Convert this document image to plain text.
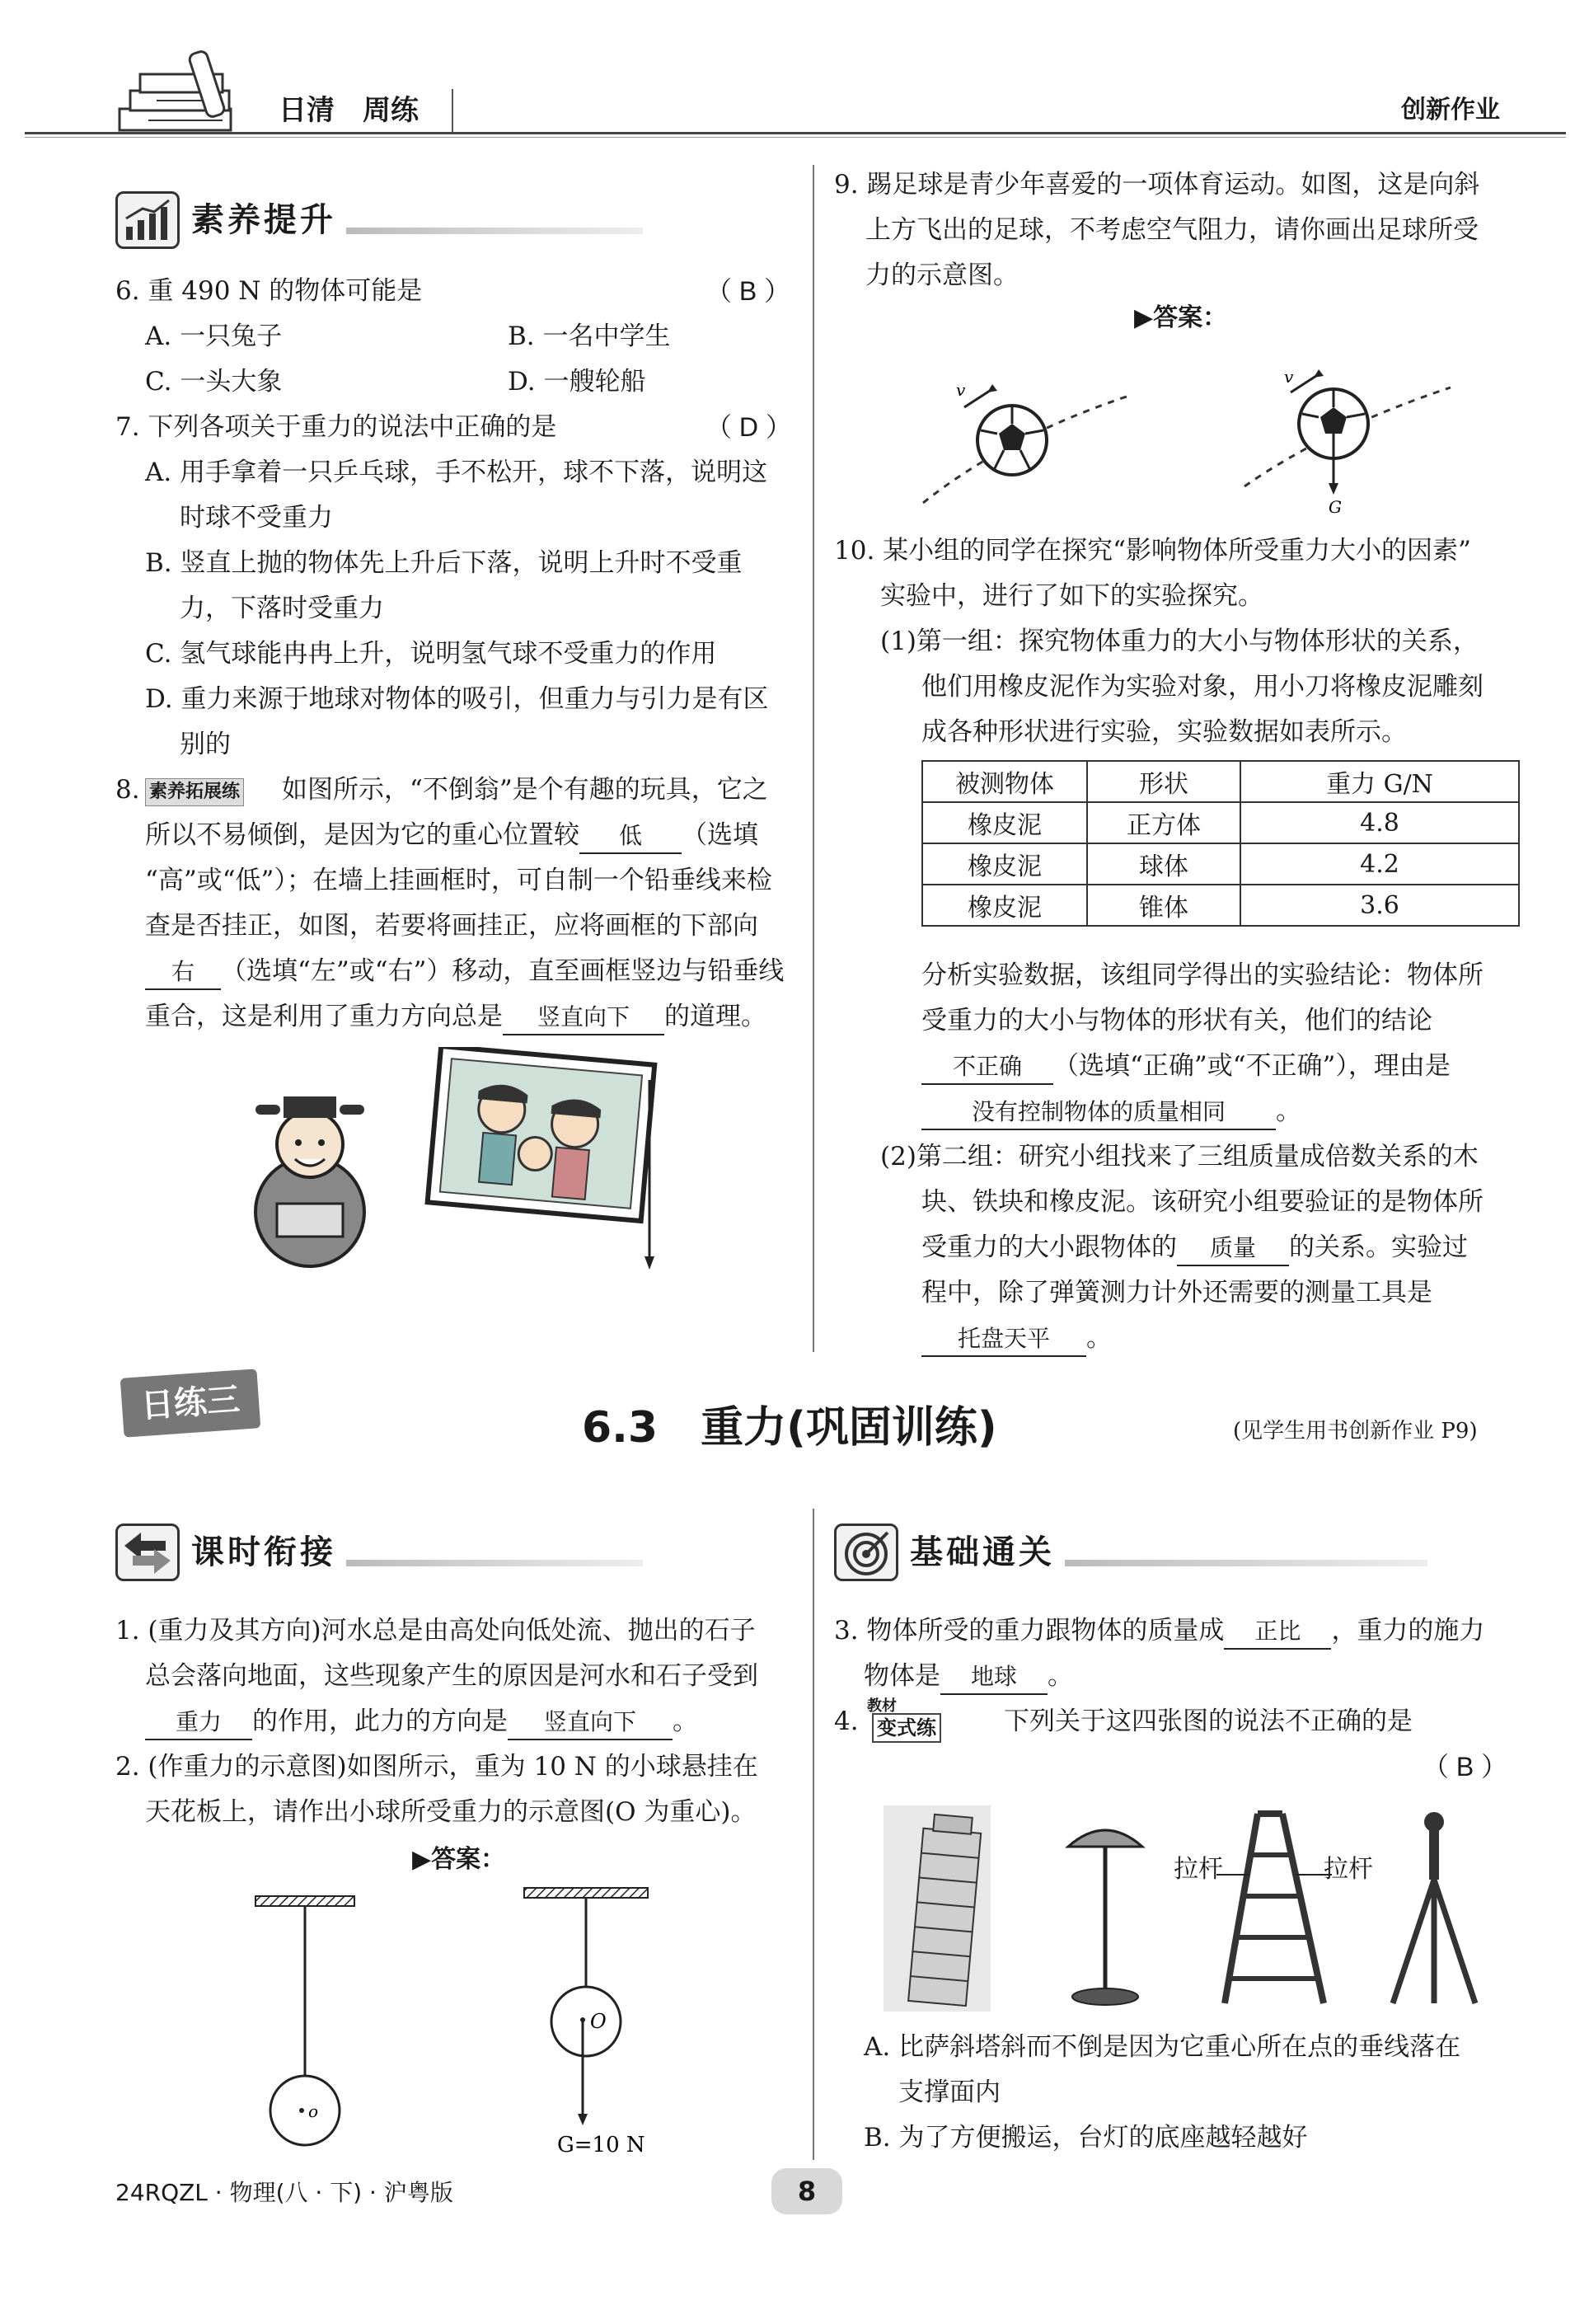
日清　周练	创新作业
素养提升
6. 重 490 N 的物体可能是	（ B ）
A. 一只兔子	B. 一名中学生
C. 一头大象	D. 一艘轮船
7. 下列各项关于重力的说法中正确的是	（ D ）
A. 用手拿着一只乒乓球，手不松开，球不下落，说明这
时球不受重力
B. 竖直上抛的物体先上升后下落，说明上升时不受重
力，下落时受重力
C. 氢气球能冉冉上升，说明氢气球不受重力的作用
D. 重力来源于地球对物体的吸引，但重力与引力是有区
别的
8. 素养拓展练 如图所示，“不倒翁”是个有趣的玩具，它之
所以不易倾倒，是因为它的重心位置较 低 （选填
“高”或“低”）；在墙上挂画框时，可自制一个铅垂线来检
查是否挂正，如图，若要将画挂正，应将画框的下部向
右 （选填“左”或“右”）移动，直至画框竖边与铅垂线
重合，这是利用了重力方向总是 竖直向下 的道理。
9. 踢足球是青少年喜爱的一项体育运动。如图，这是向斜
上方飞出的足球，不考虑空气阻力，请你画出足球所受
力的示意图。
▶答案：
v
v
G
10. 某小组的同学在探究“影响物体所受重力大小的因素”
实验中，进行了如下的实验探究。
(1)第一组：探究物体重力的大小与物体形状的关系，
他们用橡皮泥作为实验对象，用小刀将橡皮泥雕刻
成各种形状进行实验，实验数据如表所示。
被测物体	形状	重力 G/N
橡皮泥	正方体	4.8
橡皮泥	球体	4.2
橡皮泥	锥体	3.6
分析实验数据，该组同学得出的实验结论：物体所
受重力的大小与物体的形状有关，他们的结论
不正确 （选填“正确”或“不正确”），理由是
没有控制物体的质量相同 。
(2)第二组：研究小组找来了三组质量成倍数关系的木
块、铁块和橡皮泥。该研究小组要验证的是物体所
受重力的大小跟物体的 质量 的关系。实验过
程中，除了弹簧测力计外还需要的测量工具是
托盘天平 。
日练三	6.3　重力(巩固训练)	(见学生用书创新作业 P9)
课时衔接
1. (重力及其方向)河水总是由高处向低处流、抛出的石子
总会落向地面，这些现象产生的原因是河水和石子受到
重力 的作用，此力的方向是 竖直向下 。
2. (作重力的示意图)如图所示，重为 10 N 的小球悬挂在
天花板上，请作出小球所受重力的示意图(O 为重心)。
▶答案：
o
O
G=10 N
基础通关
3. 物体所受的重力跟物体的质量成 正比 ，重力的施力
物体是 地球 。
4.
教材
变式练	下列关于这四张图的说法不正确的是
（ B ）
拉杆	拉杆
A. 比萨斜塔斜而不倒是因为它重心所在点的垂线落在
支撑面内
B. 为了方便搬运，台灯的底座越轻越好
24RQZL · 物理(八 · 下) · 沪粤版	8
